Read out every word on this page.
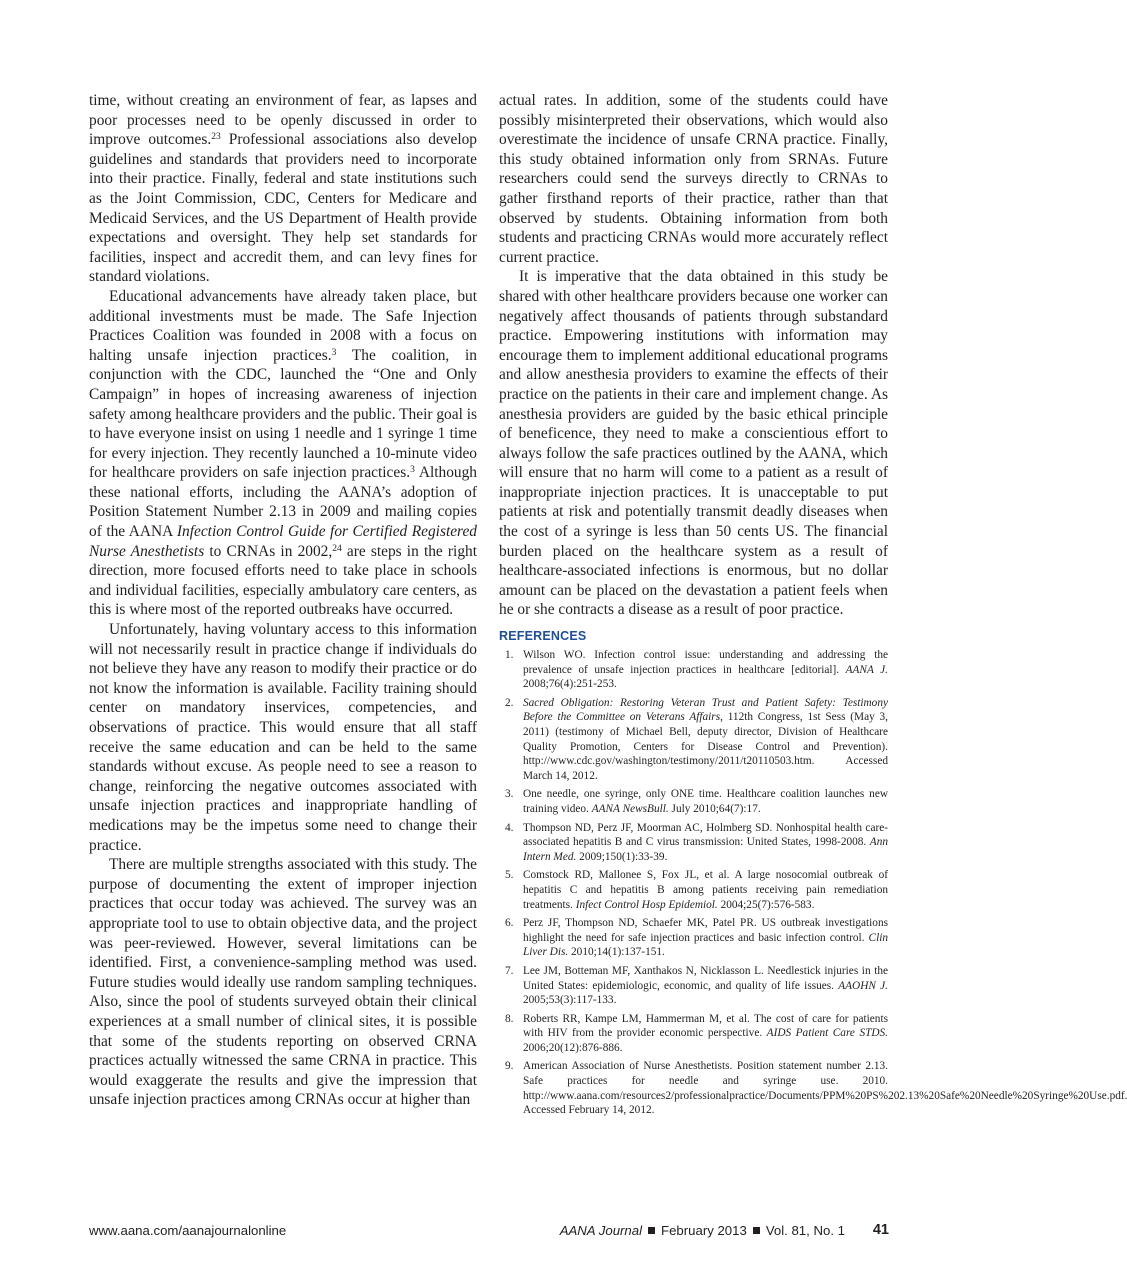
time, without creating an environment of fear, as lapses and poor processes need to be openly discussed in order to improve outcomes.$^{23}$ Professional associations also develop guidelines and standards that providers need to incorporate into their practice. Finally, federal and state institutions such as the Joint Commission, CDC, Centers for Medicare and Medicaid Services, and the US Department of Health provide expectations and oversight. They help set standards for facilities, inspect and accredit them, and can levy fines for standard violations.

Educational advancements have already taken place, but additional investments must be made. The Safe Injection Practices Coalition was founded in 2008 with a focus on halting unsafe injection practices.$^3$ The coalition, in conjunction with the CDC, launched the “One and Only Campaign” in hopes of increasing awareness of injection safety among healthcare providers and the public. Their goal is to have everyone insist on using 1 needle and 1 syringe 1 time for every injection. They recently launched a 10-minute video for healthcare providers on safe injection practices.$^3$ Although these national efforts, including the AANA’s adoption of Position Statement Number 2.13 in 2009 and mailing copies of the AANA Infection Control Guide for Certified Registered Nurse Anesthetists to CRNAs in 2002,24 are steps in the right direction, more focused efforts need to take place in schools and individual facilities, especially ambulatory care centers, as this is where most of the reported outbreaks have occurred.

Unfortunately, having voluntary access to this information will not necessarily result in practice change if individuals do not believe they have any reason to modify their practice or do not know the information is available. Facility training should center on mandatory inservices, competencies, and observations of practice. This would ensure that all staff receive the same education and can be held to the same standards without excuse. As people need to see a reason to change, reinforcing the negative outcomes associated with unsafe injection practices and inappropriate handling of medications may be the impetus some need to change their practice.

There are multiple strengths associated with this study. The purpose of documenting the extent of improper injection practices that occur today was achieved. The survey was an appropriate tool to use to obtain objective data, and the project was peer-reviewed. However, several limitations can be identified. First, a convenience-sampling method was used. Future studies would ideally use random sampling techniques. Also, since the pool of students surveyed obtain their clinical experiences at a small number of clinical sites, it is possible that some of the students reporting on observed CRNA practices actually witnessed the same CRNA in practice. This would exaggerate the results and give the impression that unsafe injection practices among CRNAs occur at higher than

actual rates. In addition, some of the students could have possibly misinterpreted their observations, which would also overestimate the incidence of unsafe CRNA practice. Finally, this study obtained information only from SRNAs. Future researchers could send the surveys directly to CRNAs to gather firsthand reports of their practice, rather than that observed by students. Obtaining information from both students and practicing CRNAs would more accurately reflect current practice.

It is imperative that the data obtained in this study be shared with other healthcare providers because one worker can negatively affect thousands of patients through substandard practice. Empowering institutions with information may encourage them to implement additional educational programs and allow anesthesia providers to examine the effects of their practice on the patients in their care and implement change. As anesthesia providers are guided by the basic ethical principle of beneficence, they need to make a conscientious effort to always follow the safe practices outlined by the AANA, which will ensure that no harm will come to a patient as a result of inappropriate injection practices. It is unacceptable to put patients at risk and potentially transmit deadly diseases when the cost of a syringe is less than 50 cents US. The financial burden placed on the healthcare system as a result of healthcare-associated infections is enormous, but no dollar amount can be placed on the devastation a patient feels when he or she contracts a disease as a result of poor practice.

REFERENCES
1. Wilson WO. Infection control issue: understanding and addressing the prevalence of unsafe injection practices in healthcare [editorial]. AANA J. 2008;76(4):251-253.
2. Sacred Obligation: Restoring Veteran Trust and Patient Safety: Testimony Before the Committee on Veterans Affairs, 112th Congress, 1st Sess (May 3, 2011) (testimony of Michael Bell, deputy director, Division of Healthcare Quality Promotion, Centers for Disease Control and Prevention). http://www.cdc.gov/washington/testimony/2011/t20110503.htm. Accessed March 14, 2012.
3. One needle, one syringe, only ONE time. Healthcare coalition launches new training video. AANA NewsBull. July 2010;64(7):17.
4. Thompson ND, Perz JF, Moorman AC, Holmberg SD. Nonhospital health care-associated hepatitis B and C virus transmission: United States, 1998-2008. Ann Intern Med. 2009;150(1):33-39.
5. Comstock RD, Mallonee S, Fox JL, et al. A large nosocomial outbreak of hepatitis C and hepatitis B among patients receiving pain remediation treatments. Infect Control Hosp Epidemiol. 2004;25(7):576-583.
6. Perz JF, Thompson ND, Schaefer MK, Patel PR. US outbreak investigations highlight the need for safe injection practices and basic infection control. Clin Liver Dis. 2010;14(1):137-151.
7. Lee JM, Botteman MF, Xanthakos N, Nicklasson L. Needlestick injuries in the United States: epidemiologic, economic, and quality of life issues. AAOHN J. 2005;53(3):117-133.
8. Roberts RR, Kampe LM, Hammerman M, et al. The cost of care for patients with HIV from the provider economic perspective. AIDS Patient Care STDS. 2006;20(12):876-886.
9. American Association of Nurse Anesthetists. Position statement number 2.13. Safe practices for needle and syringe use. 2010. http://www.aana.com/resources2/professionalpractice/Documents/PPM%20PS%202.13%20Safe%20Needle%20Syringe%20Use.pdf. Accessed February 14, 2012.
www.aana.com/aanajournalonline	AANA Journal February 2013 Vol. 81, No. 1 41
